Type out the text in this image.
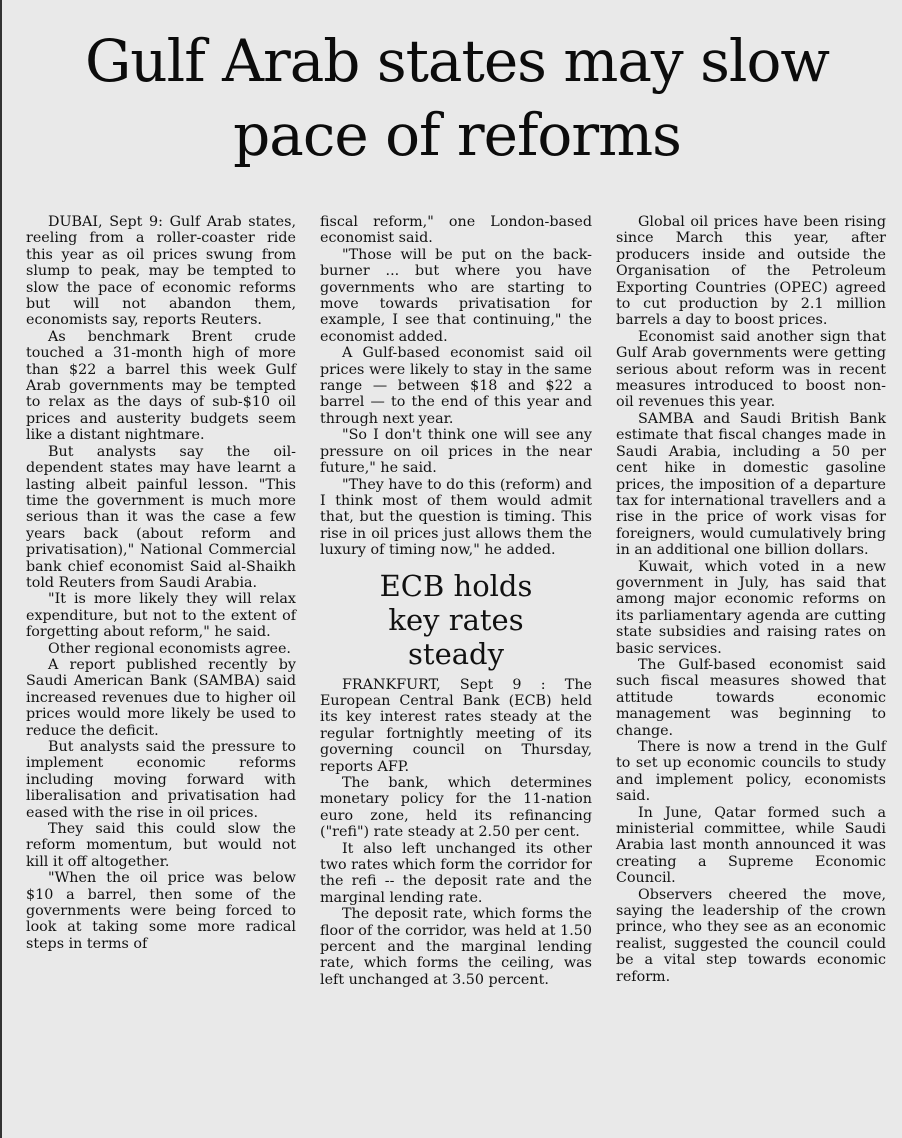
Gulf Arab states may slow
pace of reforms

DUBAI, Sept 9: Gulf Arab states, reeling from a roller-coaster ride this year as oil prices swung from slump to peak, may be tempted to slow the pace of economic reforms but will not abandon them, economists say, reports Reuters.

As benchmark Brent crude touched a 31-month high of more than $22 a barrel this week Gulf Arab governments may be tempted to relax as the days of sub-$10 oil prices and austerity budgets seem like a distant nightmare.

But analysts say the oil-dependent states may have learnt a lasting albeit painful lesson. "This time the government is much more serious than it was the case a few years back (about reform and privatisation)," National Commercial bank chief economist Said al-Shaikh told Reuters from Saudi Arabia.

"It is more likely they will relax expenditure, but not to the extent of forgetting about reform," he said.

Other regional economists agree.

A report published recently by Saudi American Bank (SAMBA) said increased revenues due to higher oil prices would more likely be used to reduce the deficit.

But analysts said the pressure to implement economic reforms including moving forward with liberalisation and privatisation had eased with the rise in oil prices.

They said this could slow the reform momentum, but would not kill it off altogether.

"When the oil price was below $10 a barrel, then some of the governments were being forced to look at taking some more radical steps in terms of

fiscal reform," one London-based economist said.

"Those will be put on the back-burner ... but where you have governments who are starting to move towards privatisation for example, I see that continuing," the economist added.

A Gulf-based economist said oil prices were likely to stay in the same range — between $18 and $22 a barrel — to the end of this year and through next year.

"So I don't think one will see any pressure on oil prices in the near future," he said.

"They have to do this (reform) and I think most of them would admit that, but the question is timing. This rise in oil prices just allows them the luxury of timing now," he added.

ECB holds
key rates
steady

FRANKFURT, Sept 9 : The European Central Bank (ECB) held its key interest rates steady at the regular fortnightly meeting of its governing council on Thursday, reports AFP.

The bank, which determines monetary policy for the 11-nation euro zone, held its refinancing ("refi") rate steady at 2.50 per cent.

It also left unchanged its other two rates which form the corridor for the refi -- the deposit rate and the marginal lending rate.

The deposit rate, which forms the floor of the corridor, was held at 1.50 percent and the marginal lending rate, which forms the ceiling, was left unchanged at 3.50 percent.

Global oil prices have been rising since March this year, after producers inside and outside the Organisation of the Petroleum Exporting Countries (OPEC) agreed to cut production by 2.1 million barrels a day to boost prices.

Economist said another sign that Gulf Arab governments were getting serious about reform was in recent measures introduced to boost non-oil revenues this year.

SAMBA and Saudi British Bank estimate that fiscal changes made in Saudi Arabia, including a 50 per cent hike in domestic gasoline prices, the imposition of a departure tax for international travellers and a rise in the price of work visas for foreigners, would cumulatively bring in an additional one billion dollars.

Kuwait, which voted in a new government in July, has said that among major economic reforms on its parliamentary agenda are cutting state subsidies and raising rates on basic services.

The Gulf-based economist said such fiscal measures showed that attitude towards economic management was beginning to change.

There is now a trend in the Gulf to set up economic councils to study and implement policy, economists said.

In June, Qatar formed such a ministerial committee, while Saudi Arabia last month announced it was creating a Supreme Economic Council.

Observers cheered the move, saying the leadership of the crown prince, who they see as an economic realist, suggested the council could be a vital step towards economic reform.
